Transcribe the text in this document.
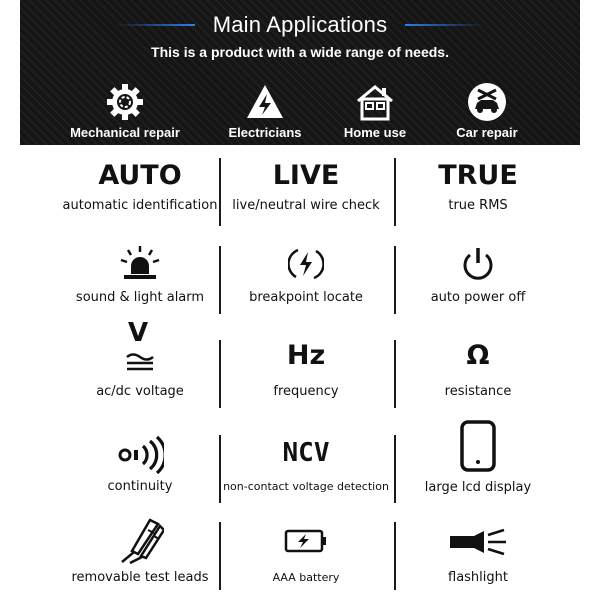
Main Applications
This is a product with a wide range of needs.
Mechanical repair	Electricians	Home use	Car repair
AUTO
automatic identification
LIVE
live/neutral wire check
TRUE
true RMS
sound & light alarm	breakpoint locate	auto power off
V
ac/dc voltage
Hz
frequency
Ω
resistance
continuity
NCV
non-contact voltage detection	large lcd display
removable test leads	AAA battery	flashlight
